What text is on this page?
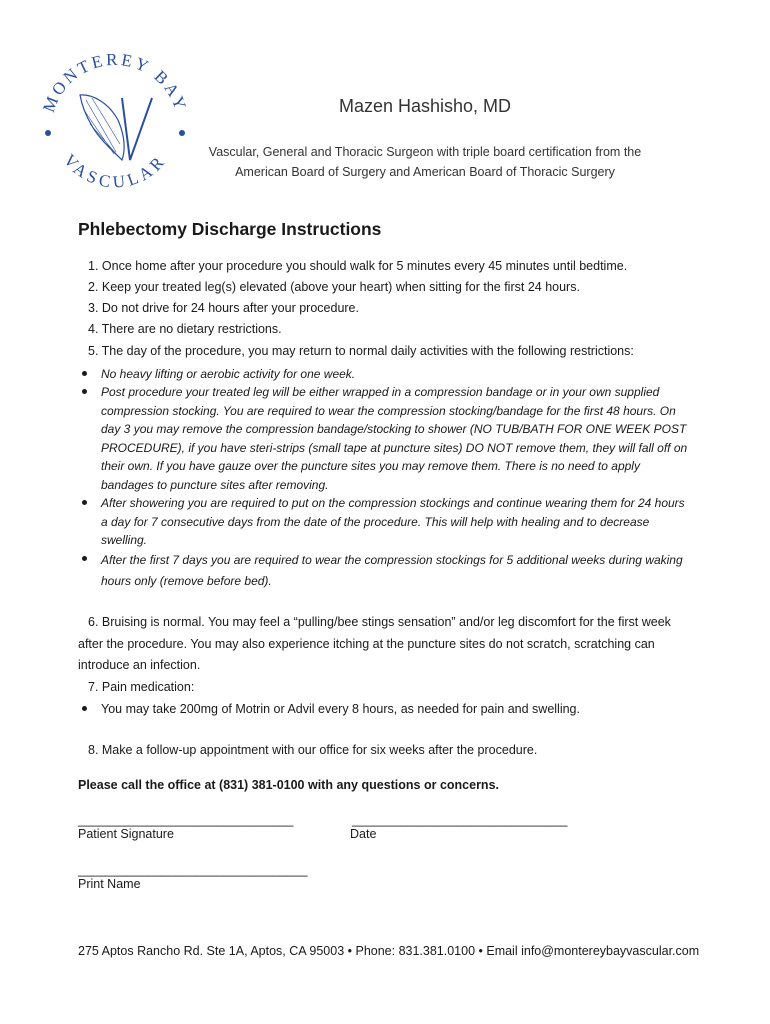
MONTEREY BAY
VASCULAR
Mazen Hashisho, MD
Vascular, General and Thoracic Surgeon with triple board certification from the
American Board of Surgery and American Board of Thoracic Surgery
Phlebectomy Discharge Instructions
1. Once home after your procedure you should walk for 5 minutes every 45 minutes until bedtime.
2. Keep your treated leg(s) elevated (above your heart) when sitting for the first 24 hours.
3. Do not drive for 24 hours after your procedure.
4. There are no dietary restrictions.
5. The day of the procedure, you may return to normal daily activities with the following restrictions:
No heavy lifting or aerobic activity for one week.
Post procedure your treated leg will be either wrapped in a compression bandage or in your own supplied compression stocking. You are required to wear the compression stocking/bandage for the first 48 hours. On day 3 you may remove the compression bandage/stocking to shower (NO TUB/BATH FOR ONE WEEK POST PROCEDURE), if you have steri-strips (small tape at puncture sites) DO NOT remove them, they will fall off on their own. If you have gauze over the puncture sites you may remove them. There is no need to apply bandages to puncture sites after removing.
After showering you are required to put on the compression stockings and continue wearing them for 24 hours a day for 7 consecutive days from the date of the procedure. This will help with healing and to decrease swelling.
After the first 7 days you are required to wear the compression stockings for 5 additional weeks during waking hours only (remove before bed).
6. Bruising is normal. You may feel a “pulling/bee stings sensation” and/or leg discomfort for the first week after the procedure. You may also experience itching at the puncture sites do not scratch, scratching can introduce an infection.
7. Pain medication:
You may take 200mg of Motrin or Advil every 8 hours, as needed for pain and swelling.
8. Make a follow-up appointment with our office for six weeks after the procedure.
Please call the office at (831) 381-0100 with any questions or concerns.
_______________________________
Patient Signature
_______________________________
Date
_________________________________
Print Name
275 Aptos Rancho Rd. Ste 1A, Aptos, CA 95003 • Phone: 831.381.0100 • Email info@montereybayvascular.com
